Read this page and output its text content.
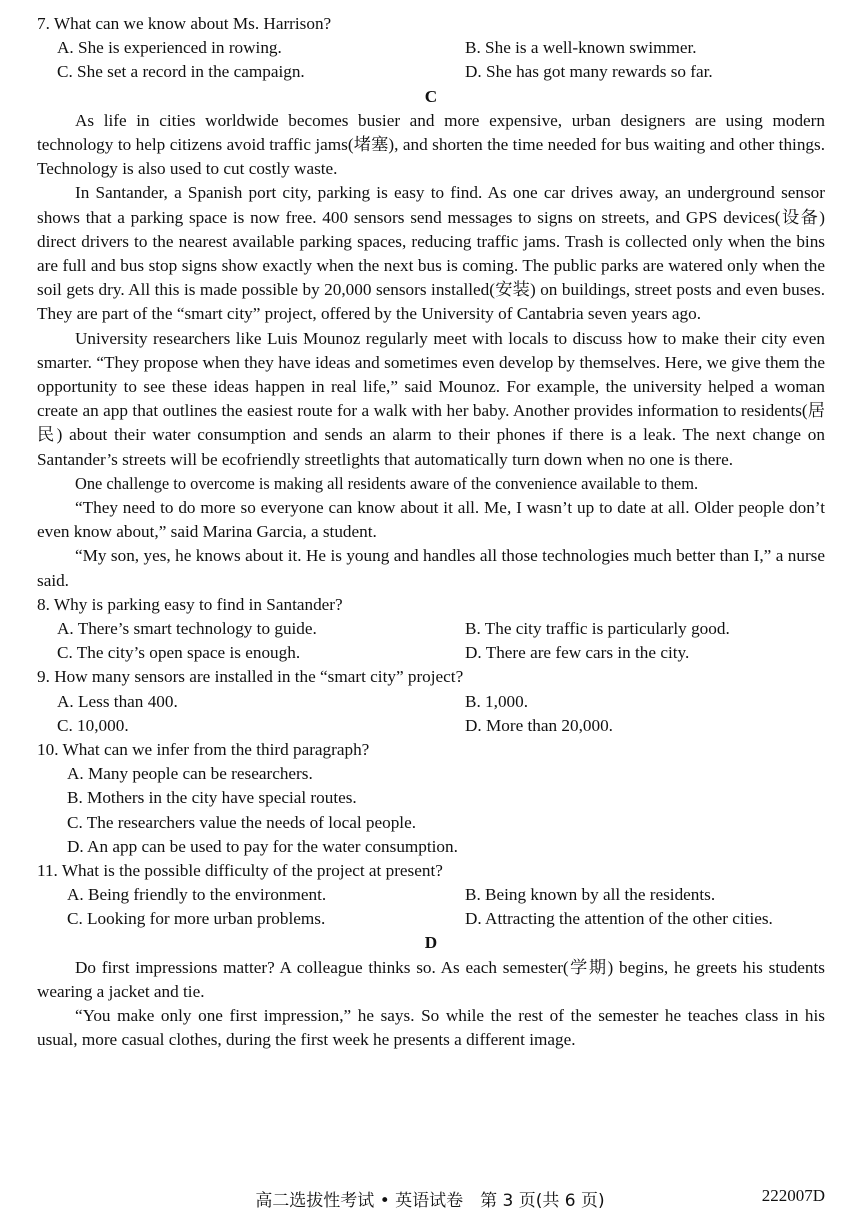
7. What can we know about Ms. Harrison?
A. She is experienced in rowing.	B. She is a well-known swimmer.
C. She set a record in the campaign.	D. She has got many rewards so far.
C

As life in cities worldwide becomes busier and more expensive, urban designers are using modern technology to help citizens avoid traffic jams(堵塞), and shorten the time needed for bus waiting and other things. Technology is also used to cut costly waste.

In Santander, a Spanish port city, parking is easy to find. As one car drives away, an underground sensor shows that a parking space is now free. 400 sensors send messages to signs on streets, and GPS devices(设备) direct drivers to the nearest available parking spaces, reducing traffic jams. Trash is collected only when the bins are full and bus stop signs show exactly when the next bus is coming. The public parks are watered only when the soil gets dry. All this is made possible by 20,000 sensors installed(安装) on buildings, street posts and even buses. They are part of the “smart city” project, offered by the University of Cantabria seven years ago.

University researchers like Luis Mounoz regularly meet with locals to discuss how to make their city even smarter. “They propose when they have ideas and sometimes even develop by themselves. Here, we give them the opportunity to see these ideas happen in real life,” said Mounoz. For example, the university helped a woman create an app that outlines the easiest route for a walk with her baby. Another provides information to residents(居民) about their water consumption and sends an alarm to their phones if there is a leak. The next change on Santander’s streets will be ecofriendly streetlights that automatically turn down when no one is there.

One challenge to overcome is making all residents aware of the convenience available to them.

“They need to do more so everyone can know about it all. Me, I wasn’t up to date at all. Older people don’t even know about,” said Marina Garcia, a student.

“My son, yes, he knows about it. He is young and handles all those technologies much better than I,” a nurse said.

8. Why is parking easy to find in Santander?
A. There’s smart technology to guide.	B. The city traffic is particularly good.
C. The city’s open space is enough.	D. There are few cars in the city.
9. How many sensors are installed in the “smart city” project?
A. Less than 400.	B. 1,000.
C. 10,000.	D. More than 20,000.
10. What can we infer from the third paragraph?
A. Many people can be researchers.
B. Mothers in the city have special routes.
C. The researchers value the needs of local people.
D. An app can be used to pay for the water consumption.
11. What is the possible difficulty of the project at present?
A. Being friendly to the environment.	B. Being known by all the residents.
C. Looking for more urban problems.	D. Attracting the attention of the other cities.
D

Do first impressions matter? A colleague thinks so. As each semester(学期) begins, he greets his students wearing a jacket and tie.

“You make only one first impression,” he says. So while the rest of the semester he teaches class in his usual, more casual clothes, during the first week he presents a different image.

高二选拔性考试 • 英语试卷　第 3 页(共 6 页)	222007D
